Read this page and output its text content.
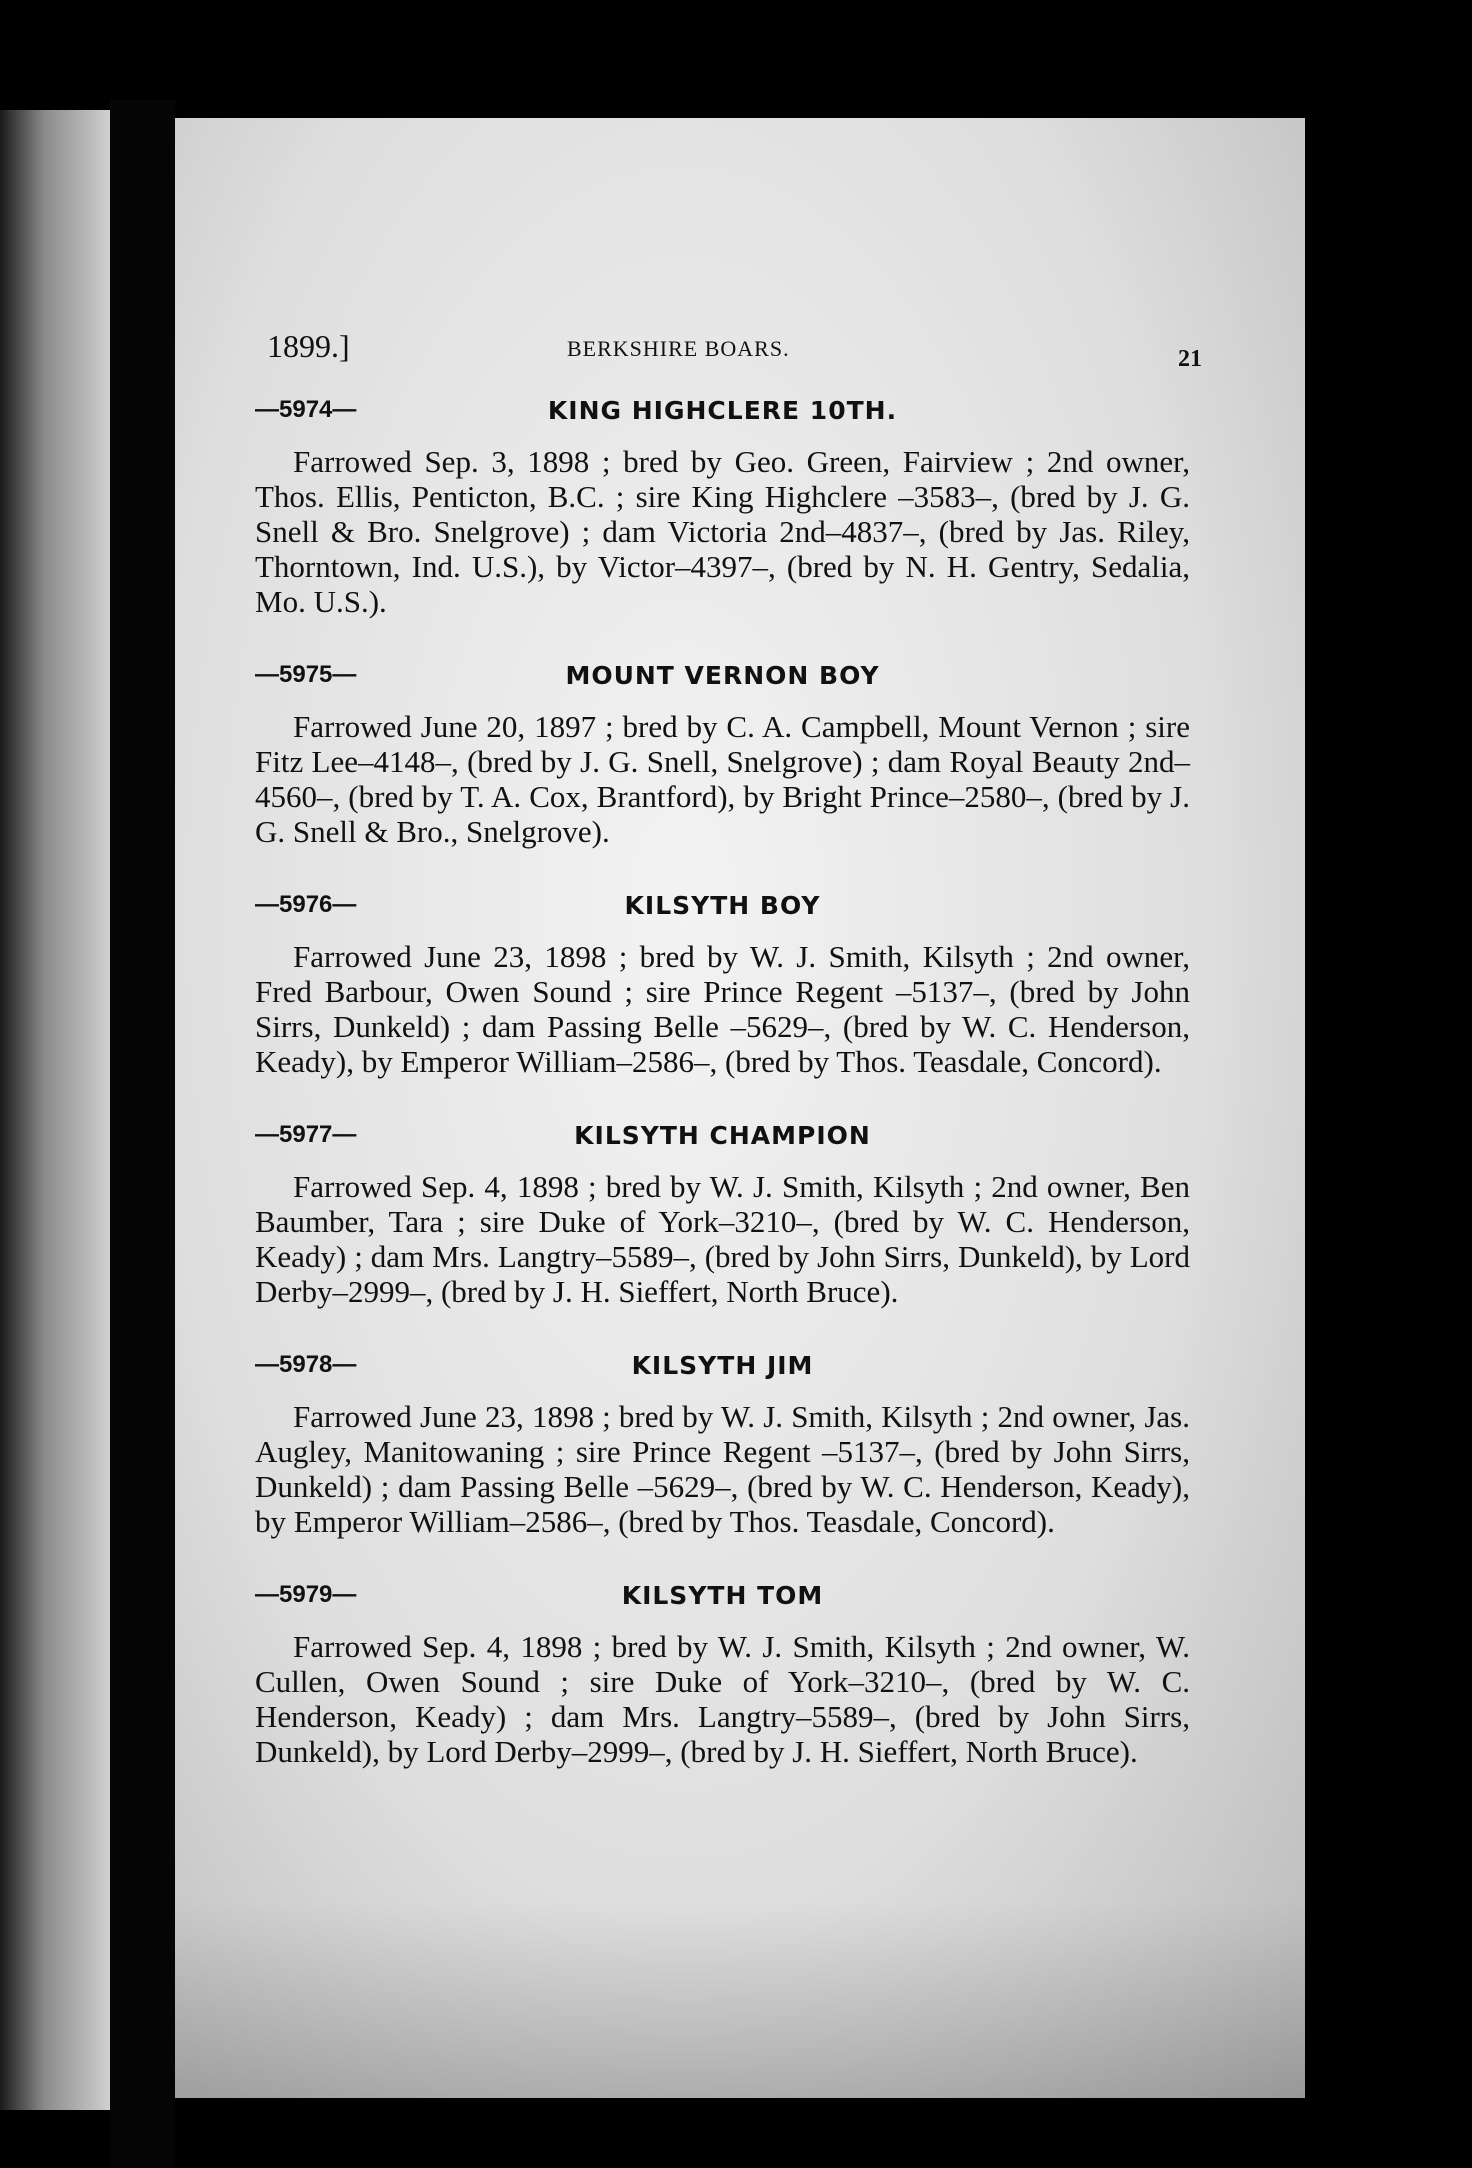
1899.]	BERKSHIRE BOARS.	21
—5974—	KING HIGHCLERE 10TH.

Farrowed Sep. 3, 1898 ; bred by Geo. Green, Fairview ; 2nd owner, Thos. Ellis, Penticton, B.C. ; sire King Highclere –3583–, (bred by J. G. Snell & Bro. Snelgrove) ; dam Victoria 2nd–4837–, (bred by Jas. Riley, Thorntown, Ind. U.S.), by Victor–4397–, (bred by N. H. Gentry, Sedalia, Mo. U.S.).

—5975—	MOUNT VERNON BOY

Farrowed June 20, 1897 ; bred by C. A. Campbell, Mount Vernon ; sire Fitz Lee–4148–, (bred by J. G. Snell, Snelgrove) ; dam Royal Beauty 2nd–4560–, (bred by T. A. Cox, Brantford), by Bright Prince–2580–, (bred by J. G. Snell & Bro., Snelgrove).

—5976—	KILSYTH BOY

Farrowed June 23, 1898 ; bred by W. J. Smith, Kilsyth ; 2nd owner, Fred Barbour, Owen Sound ; sire Prince Regent –5137–, (bred by John Sirrs, Dunkeld) ; dam Passing Belle –5629–, (bred by W. C. Henderson, Keady), by Emperor William–2586–, (bred by Thos. Teasdale, Concord).

—5977—	KILSYTH CHAMPION

Farrowed Sep. 4, 1898 ; bred by W. J. Smith, Kilsyth ; 2nd owner, Ben Baumber, Tara ; sire Duke of York–3210–, (bred by W. C. Henderson, Keady) ; dam Mrs. Langtry–5589–, (bred by John Sirrs, Dunkeld), by Lord Derby–2999–, (bred by J. H. Sieffert, North Bruce).

—5978—	KILSYTH JIM

Farrowed June 23, 1898 ; bred by W. J. Smith, Kilsyth ; 2nd owner, Jas. Augley, Manitowaning ; sire Prince Regent –5137–, (bred by John Sirrs, Dunkeld) ; dam Passing Belle –5629–, (bred by W. C. Henderson, Keady), by Emperor William–2586–, (bred by Thos. Teasdale, Concord).

—5979—	KILSYTH TOM

Farrowed Sep. 4, 1898 ; bred by W. J. Smith, Kilsyth ; 2nd owner, W. Cullen, Owen Sound ; sire Duke of York–3210–, (bred by W. C. Henderson, Keady) ; dam Mrs. Langtry–5589–, (bred by John Sirrs, Dunkeld), by Lord Derby–2999–, (bred by J. H. Sieffert, North Bruce).
